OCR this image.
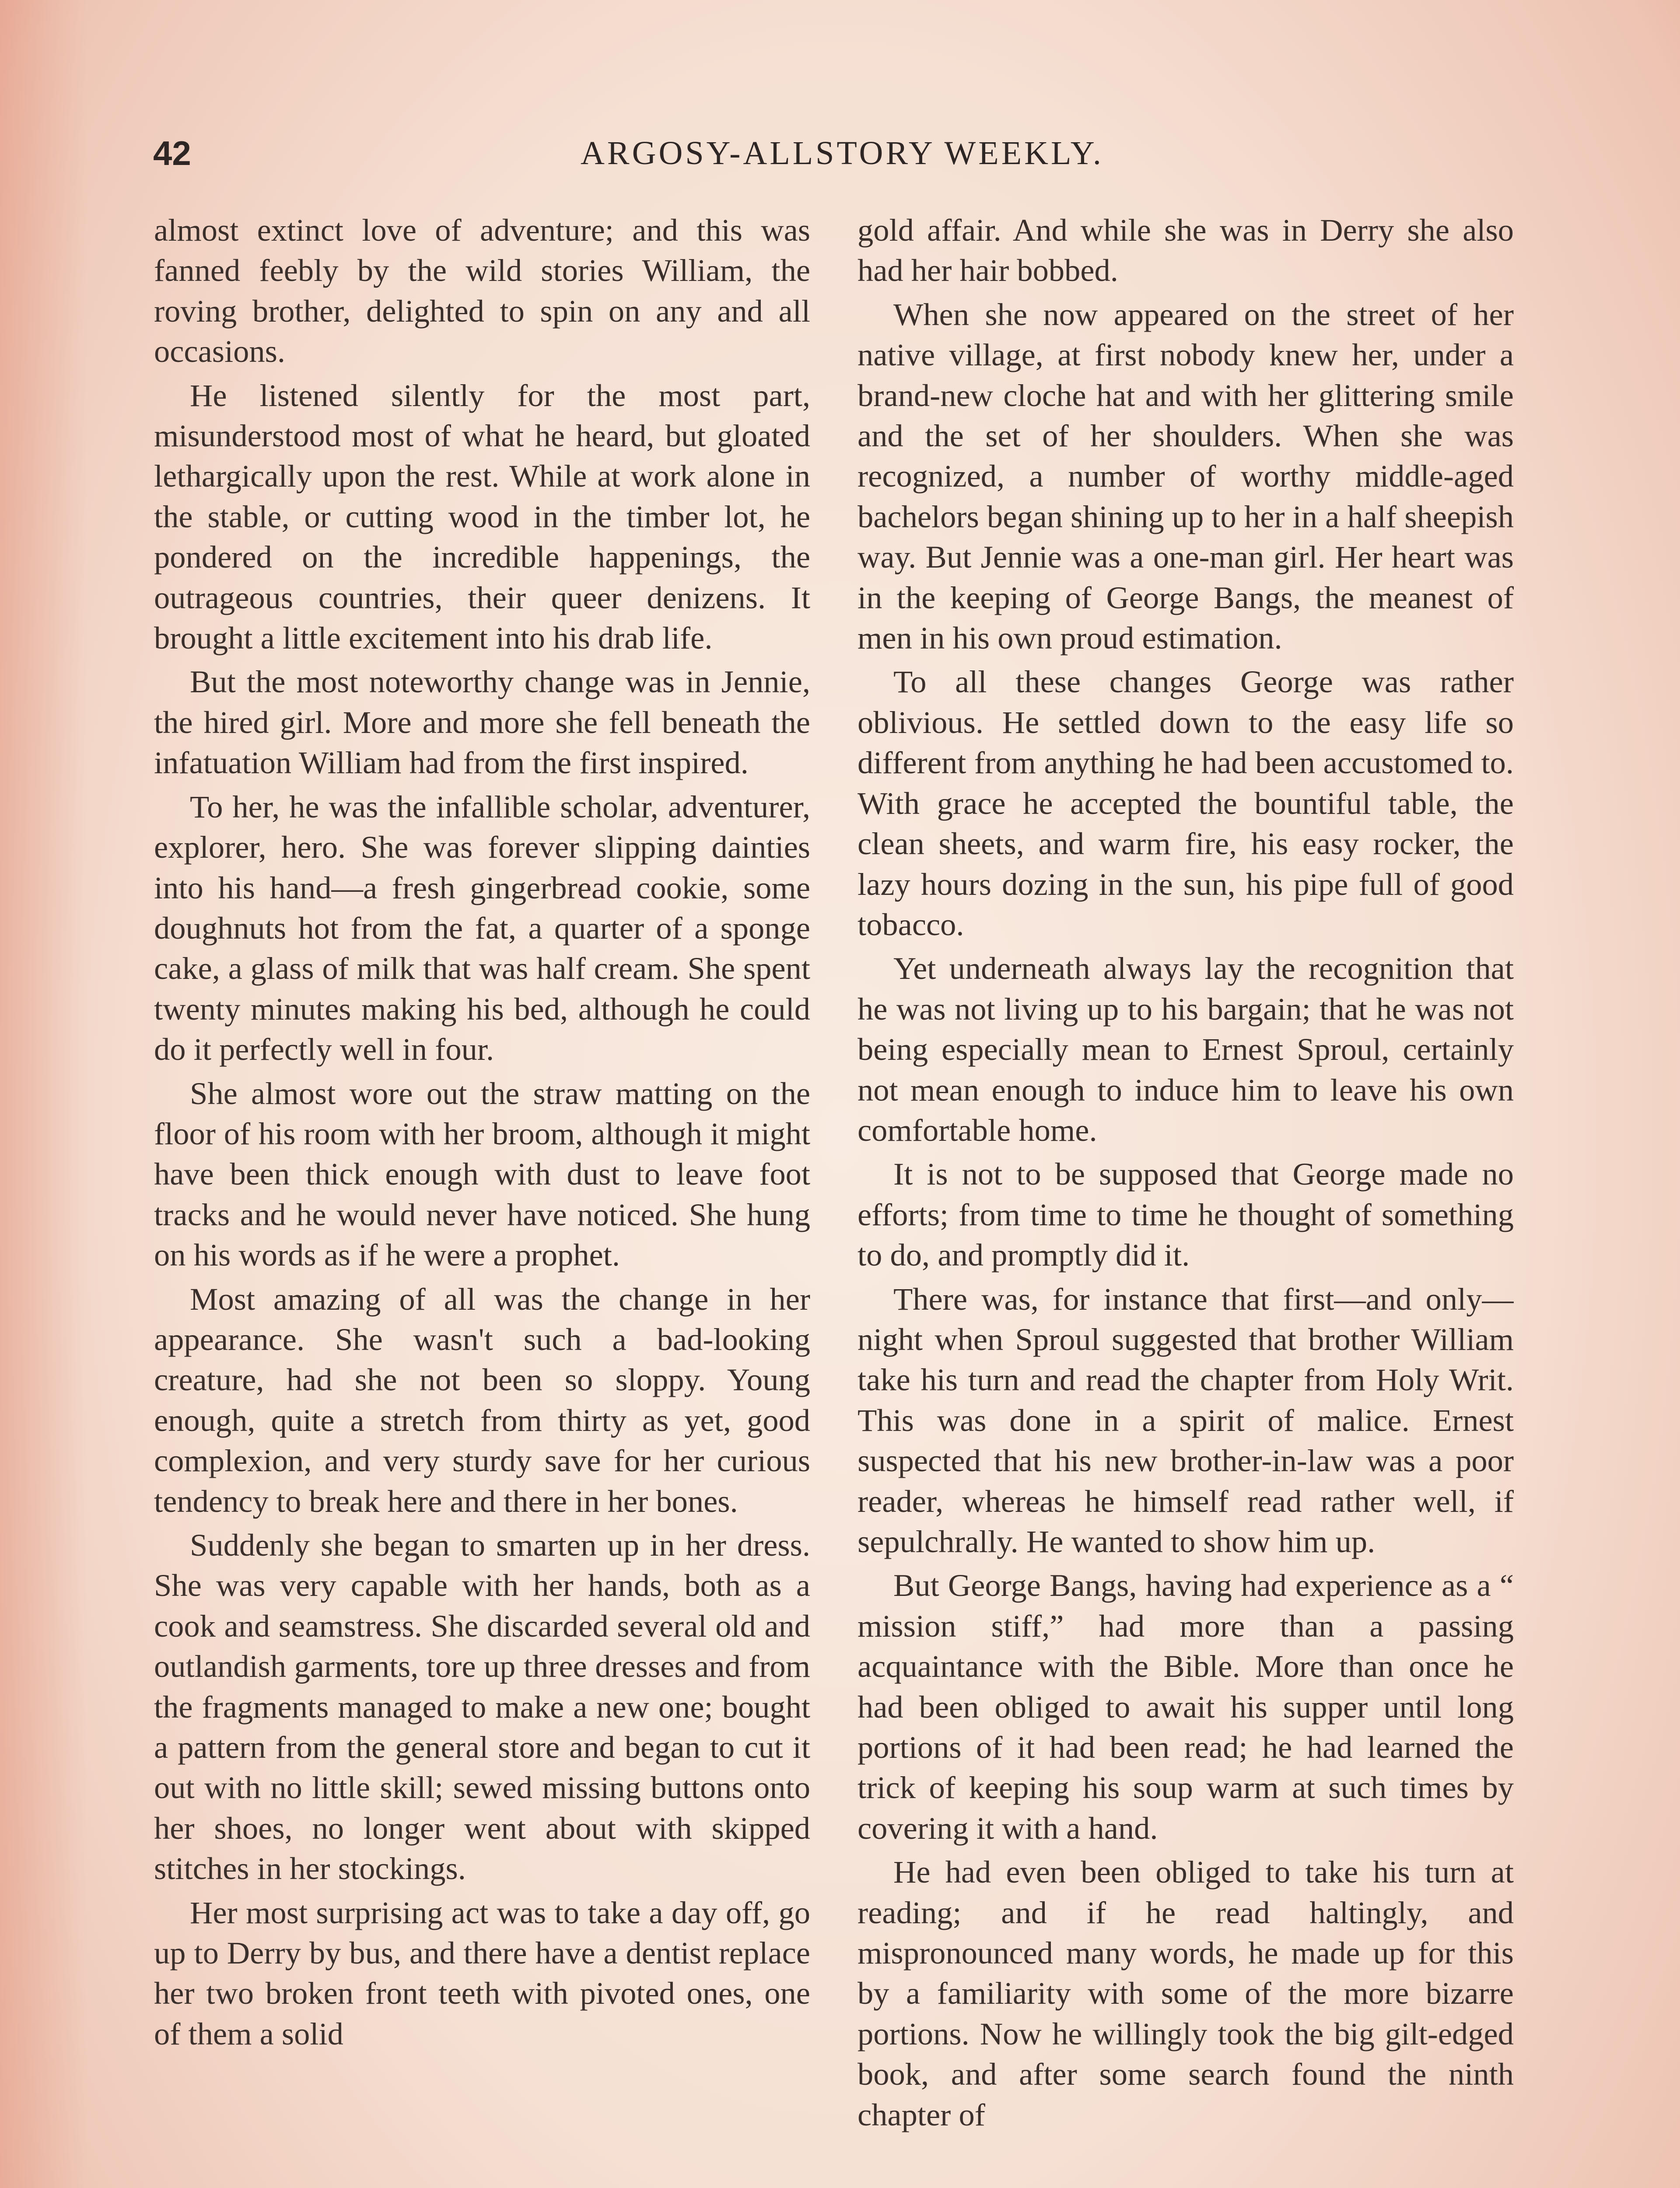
42	ARGOSY-ALLSTORY WEEKLY.

almost extinct love of adventure; and this was fanned feebly by the wild stories William, the roving brother, delighted to spin on any and all occasions.

He listened silently for the most part, misunderstood most of what he heard, but gloated lethargically upon the rest. While at work alone in the stable, or cutting wood in the timber lot, he pondered on the incredible happenings, the outrageous countries, their queer denizens. It brought a little excitement into his drab life.

But the most noteworthy change was in Jennie, the hired girl. More and more she fell beneath the infatuation William had from the first inspired.

To her, he was the infallible scholar, adventurer, explorer, hero. She was forever slipping dainties into his hand—a fresh gingerbread cookie, some doughnuts hot from the fat, a quarter of a sponge cake, a glass of milk that was half cream. She spent twenty minutes making his bed, although he could do it perfectly well in four.

She almost wore out the straw matting on the floor of his room with her broom, although it might have been thick enough with dust to leave foot tracks and he would never have noticed. She hung on his words as if he were a prophet.

Most amazing of all was the change in her appearance. She wasn't such a bad-looking creature, had she not been so sloppy. Young enough, quite a stretch from thirty as yet, good complexion, and very sturdy save for her curious tendency to break here and there in her bones.

Suddenly she began to smarten up in her dress. She was very capable with her hands, both as a cook and seamstress. She discarded several old and outlandish garments, tore up three dresses and from the fragments managed to make a new one; bought a pattern from the general store and began to cut it out with no little skill; sewed missing buttons onto her shoes, no longer went about with skipped stitches in her stockings.

Her most surprising act was to take a day off, go up to Derry by bus, and there have a dentist replace her two broken front teeth with pivoted ones, one of them a solid

gold affair. And while she was in Derry she also had her hair bobbed.

When she now appeared on the street of her native village, at first nobody knew her, under a brand-new cloche hat and with her glittering smile and the set of her shoulders. When she was recognized, a number of worthy middle-aged bachelors began shining up to her in a half sheepish way. But Jennie was a one-man girl. Her heart was in the keeping of George Bangs, the meanest of men in his own proud estimation.

To all these changes George was rather oblivious. He settled down to the easy life so different from anything he had been accustomed to. With grace he accepted the bountiful table, the clean sheets, and warm fire, his easy rocker, the lazy hours dozing in the sun, his pipe full of good tobacco.

Yet underneath always lay the recognition that he was not living up to his bargain; that he was not being especially mean to Ernest Sproul, certainly not mean enough to induce him to leave his own comfortable home.

It is not to be supposed that George made no efforts; from time to time he thought of something to do, and promptly did it.

There was, for instance that first—and only—night when Sproul suggested that brother William take his turn and read the chapter from Holy Writ. This was done in a spirit of malice. Ernest suspected that his new brother-in-law was a poor reader, whereas he himself read rather well, if sepulchrally. He wanted to show him up.

But George Bangs, having had experience as a “ mission stiff,” had more than a passing acquaintance with the Bible. More than once he had been obliged to await his supper until long portions of it had been read; he had learned the trick of keeping his soup warm at such times by covering it with a hand.

He had even been obliged to take his turn at reading; and if he read haltingly, and mispronounced many words, he made up for this by a familiarity with some of the more bizarre portions. Now he willingly took the big gilt-edged book, and after some search found the ninth chapter of
